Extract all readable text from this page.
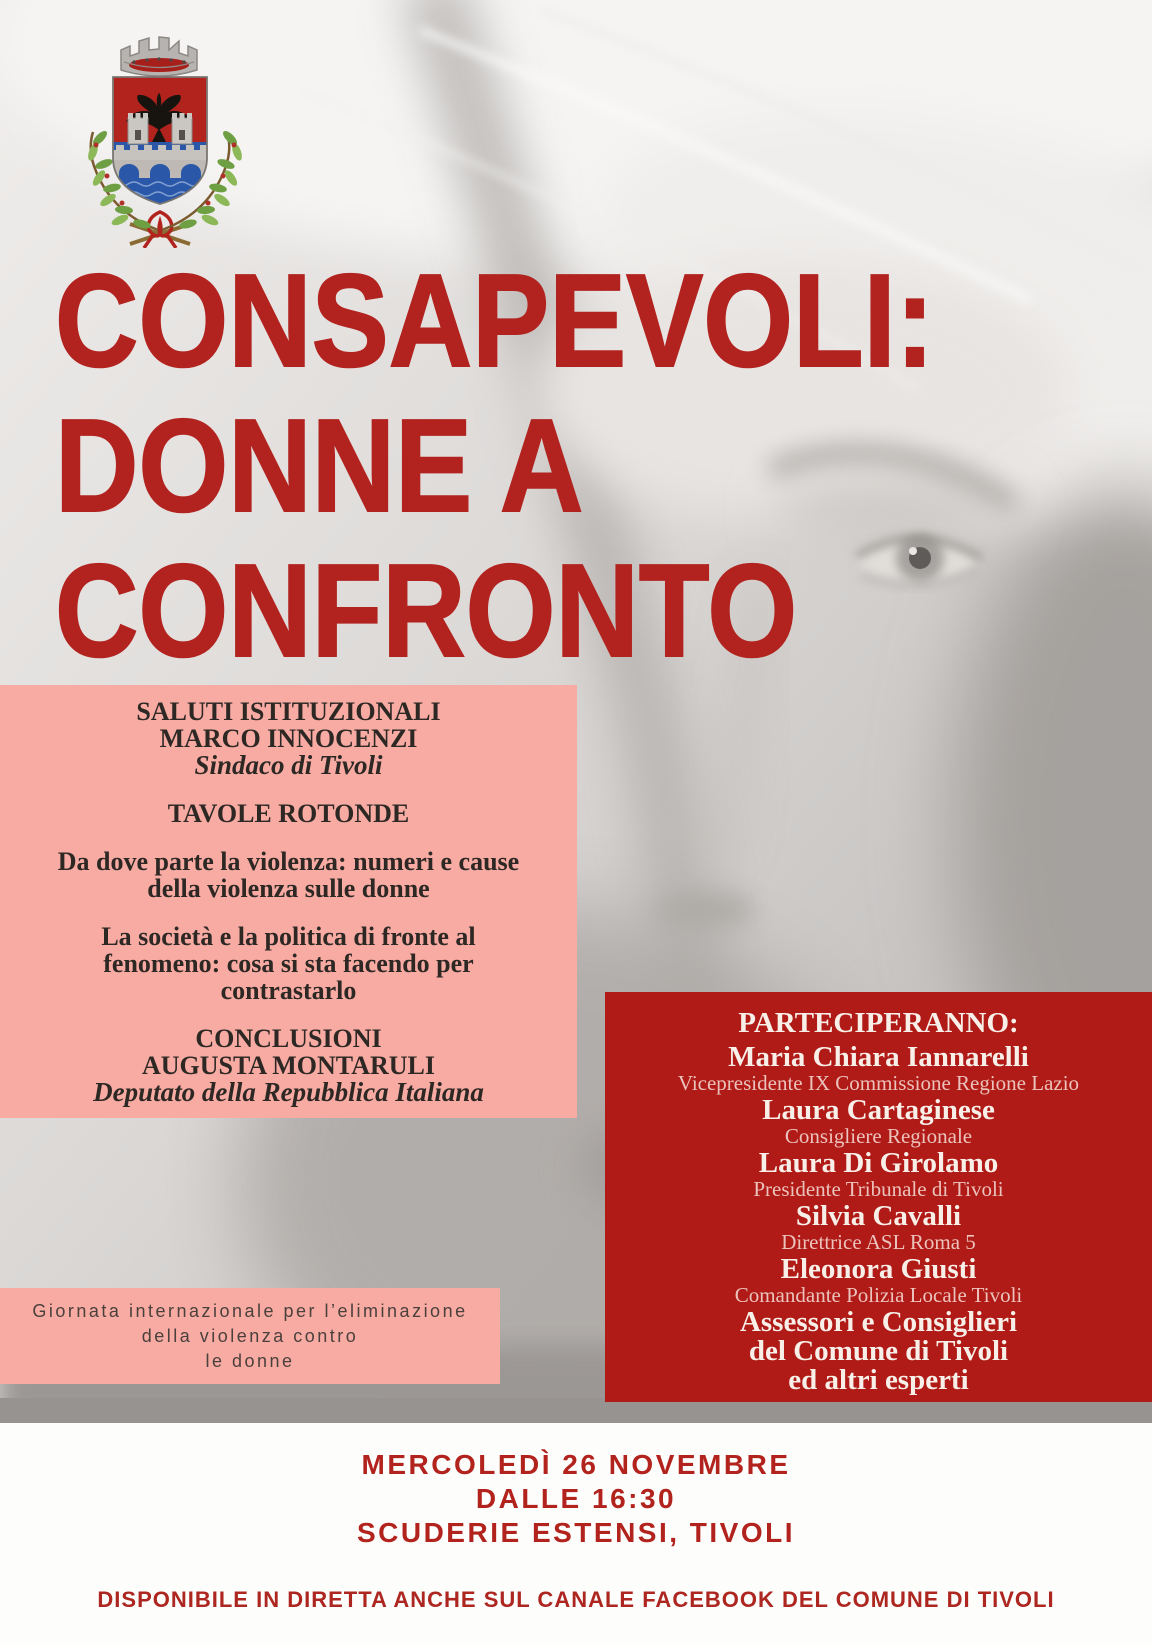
CONSAPEVOLI:
DONNE A
CONFRONTO
SALUTI ISTITUZIONALI
MARCO INNOCENZI
Sindaco di Tivoli
TAVOLE ROTONDE
Da dove parte la violenza: numeri e cause
della violenza sulle donne
La società e la politica di fronte al
fenomeno: cosa si sta facendo per
contrastarlo
CONCLUSIONI
AUGUSTA MONTARULI
Deputato della Repubblica Italiana
PARTECIPERANNO:
Maria Chiara Iannarelli
Vicepresidente IX Commissione Regione Lazio
Laura Cartaginese
Consigliere Regionale
Laura Di Girolamo
Presidente Tribunale di Tivoli
Silvia Cavalli
Direttrice ASL Roma 5
Eleonora Giusti
Comandante Polizia Locale Tivoli
Assessori e Consiglieri
del Comune di Tivoli
ed altri esperti
Giornata internazionale per l’eliminazione
della violenza contro
le donne
MERCOLEDÌ 26 NOVEMBRE
DALLE 16:30
SCUDERIE ESTENSI, TIVOLI
DISPONIBILE IN DIRETTA ANCHE SUL CANALE FACEBOOK DEL COMUNE DI TIVOLI
